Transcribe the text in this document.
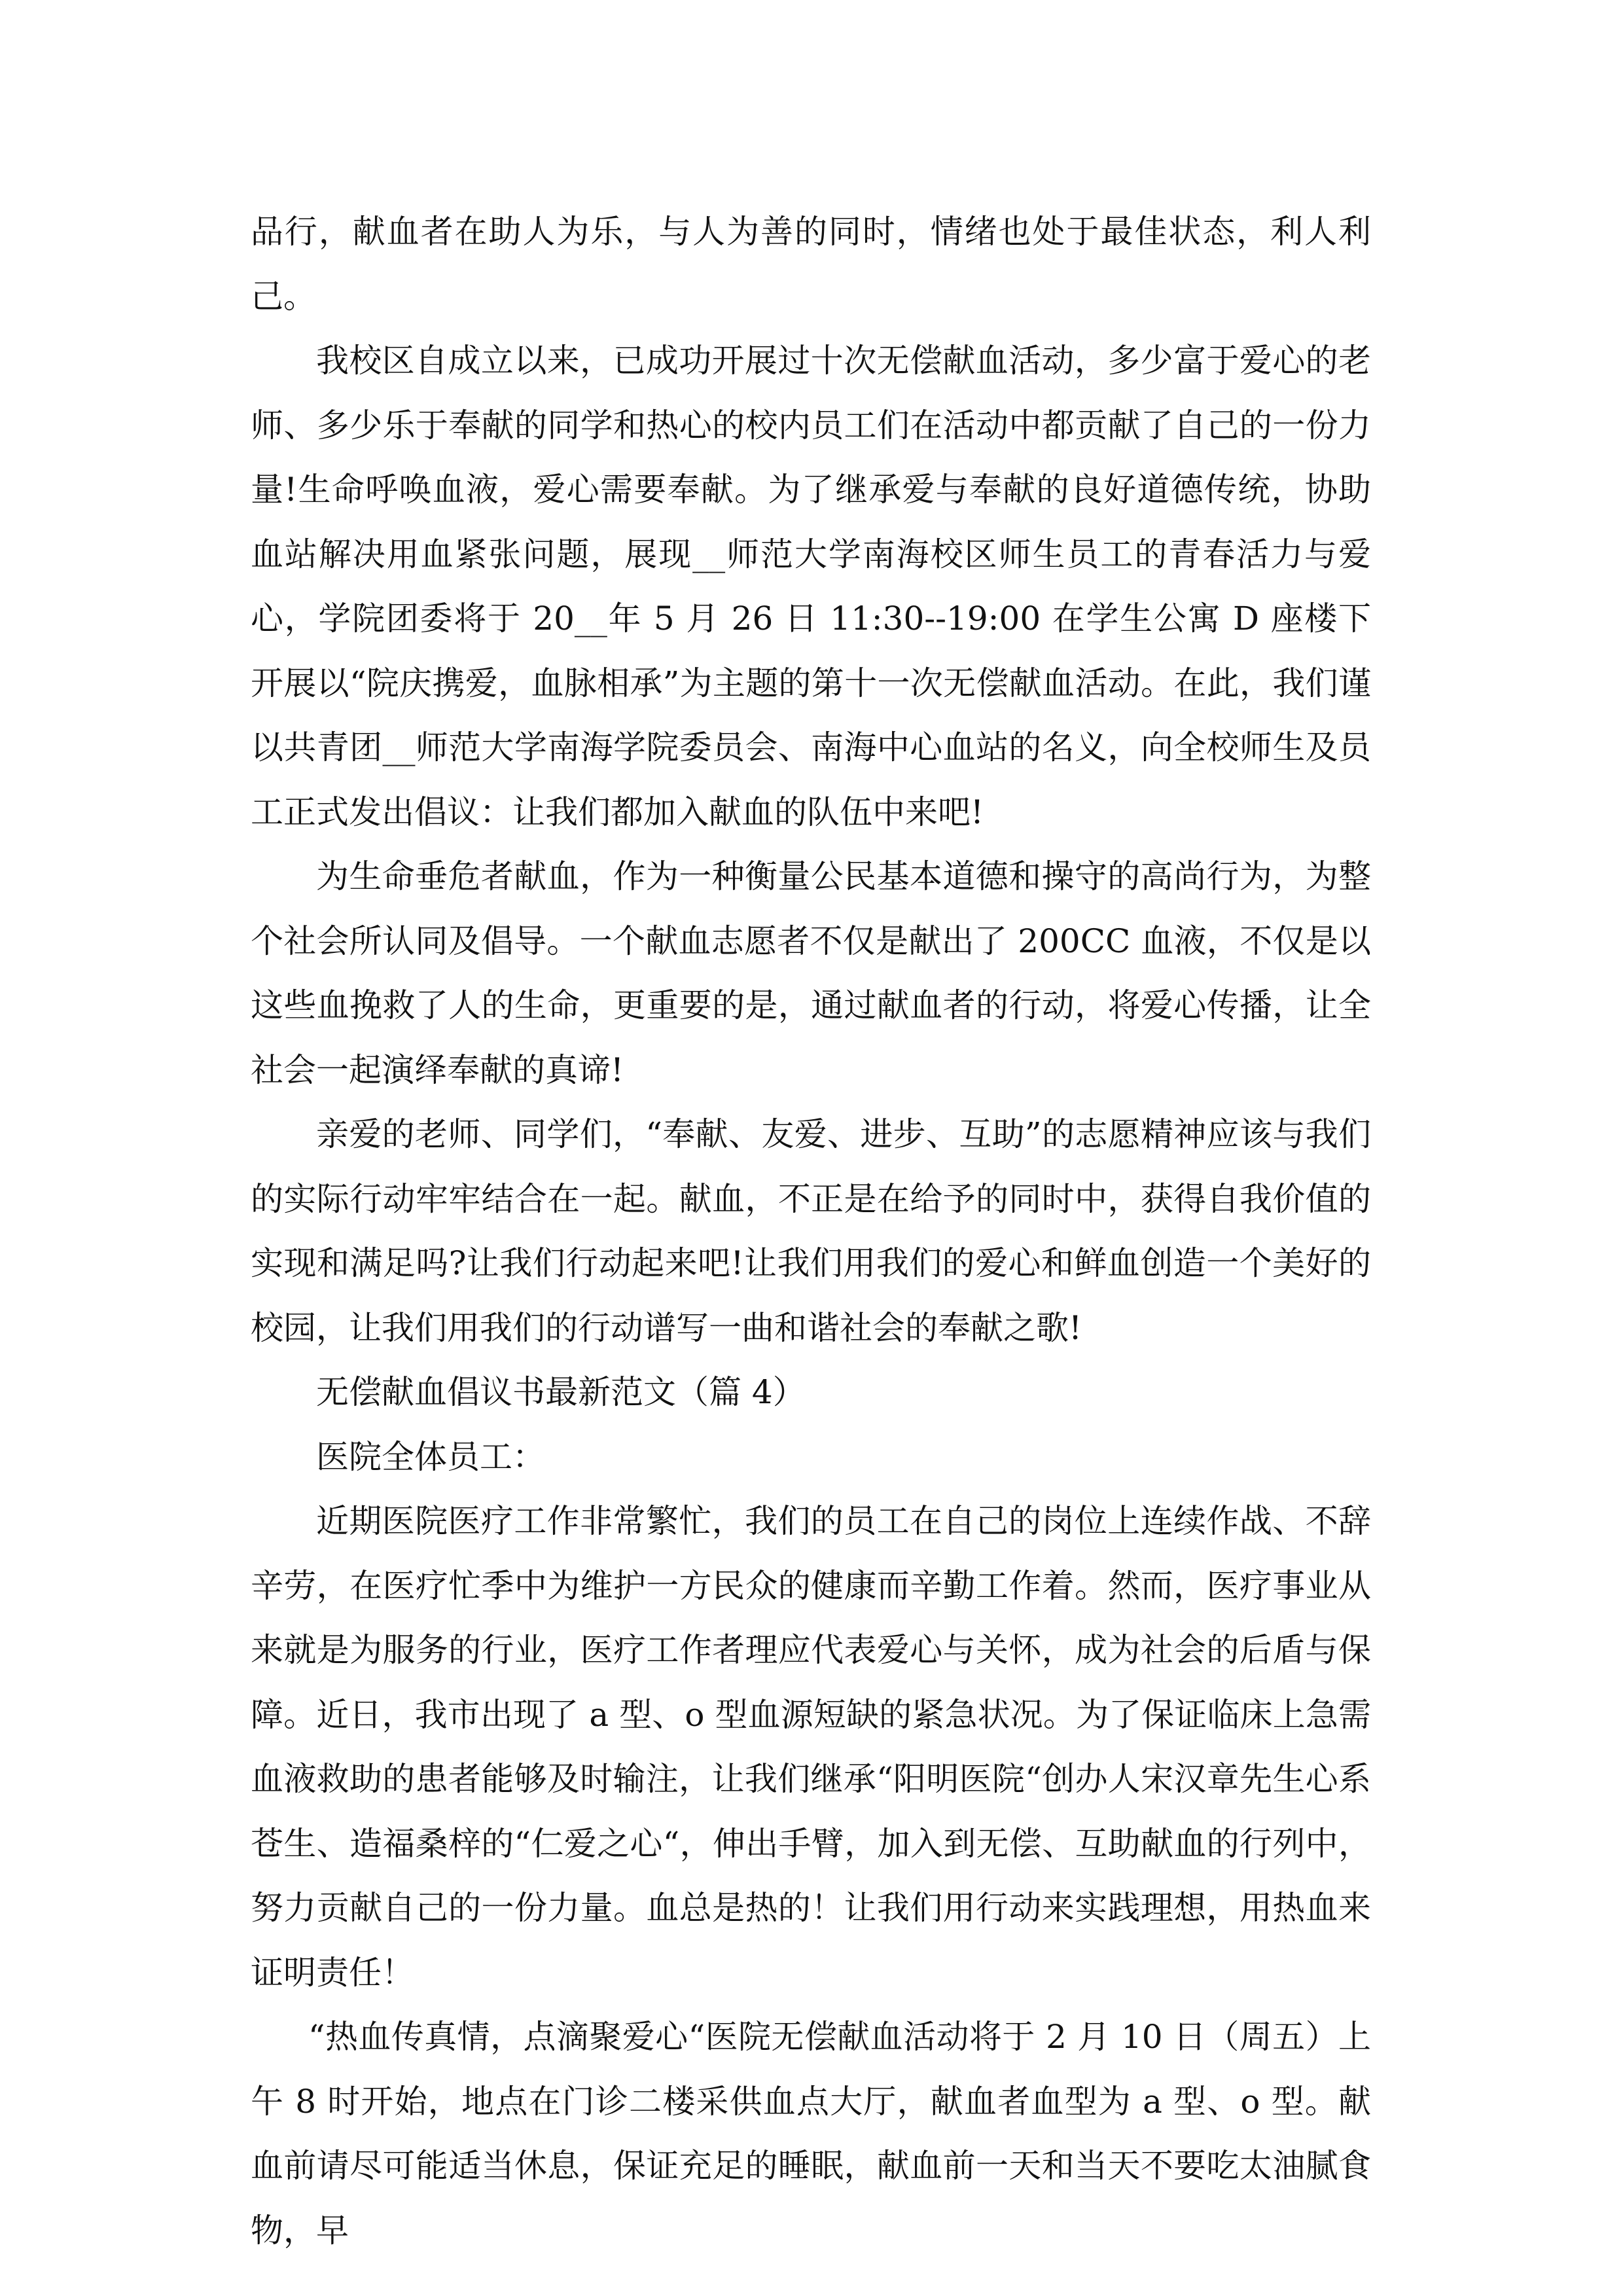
品行，献血者在助人为乐，与人为善的同时，情绪也处于最佳状态，利人利己。

我校区自成立以来，已成功开展过十次无偿献血活动，多少富于爱心的老师、多少乐于奉献的同学和热心的校内员工们在活动中都贡献了自己的一份力量!生命呼唤血液，爱心需要奉献。为了继承爱与奉献的良好道德传统，协助血站解决用血紧张问题，展现__师范大学南海校区师生员工的青春活力与爱心，学院团委将于 20__年 5 月 26 日 11:30--19:00 在学生公寓 D 座楼下开展以“院庆携爱，血脉相承”为主题的第十一次无偿献血活动。在此，我们谨以共青团__师范大学南海学院委员会、南海中心血站的名义，向全校师生及员工正式发出倡议：让我们都加入献血的队伍中来吧!

为生命垂危者献血，作为一种衡量公民基本道德和操守的高尚行为，为整个社会所认同及倡导。一个献血志愿者不仅是献出了 200CC 血液，不仅是以这些血挽救了人的生命，更重要的是，通过献血者的行动，将爱心传播，让全社会一起演绎奉献的真谛!

亲爱的老师、同学们，“奉献、友爱、进步、互助”的志愿精神应该与我们的实际行动牢牢结合在一起。献血，不正是在给予的同时中，获得自我价值的实现和满足吗?让我们行动起来吧!让我们用我们的爱心和鲜血创造一个美好的校园，让我们用我们的行动谱写一曲和谐社会的奉献之歌!

无偿献血倡议书最新范文（篇 4）

医院全体员工：

近期医院医疗工作非常繁忙，我们的员工在自己的岗位上连续作战、不辞辛劳，在医疗忙季中为维护一方民众的健康而辛勤工作着。然而，医疗事业从来就是为服务的行业，医疗工作者理应代表爱心与关怀，成为社会的后盾与保障。近日，我市出现了 a 型、o 型血源短缺的紧急状况。为了保证临床上急需血液救助的患者能够及时输注，让我们继承“阳明医院“创办人宋汉章先生心系苍生、造福桑梓的“仁爱之心“，伸出手臂，加入到无偿、互助献血的行列中，努力贡献自己的一份力量。血总是热的！让我们用行动来实践理想，用热血来证明责任！

“热血传真情，点滴聚爱心“医院无偿献血活动将于 2 月 10 日（周五）上午 8 时开始，地点在门诊二楼采供血点大厅，献血者血型为 a 型、o 型。献血前请尽可能适当休息，保证充足的睡眠，献血前一天和当天不要吃太油腻食物，早
